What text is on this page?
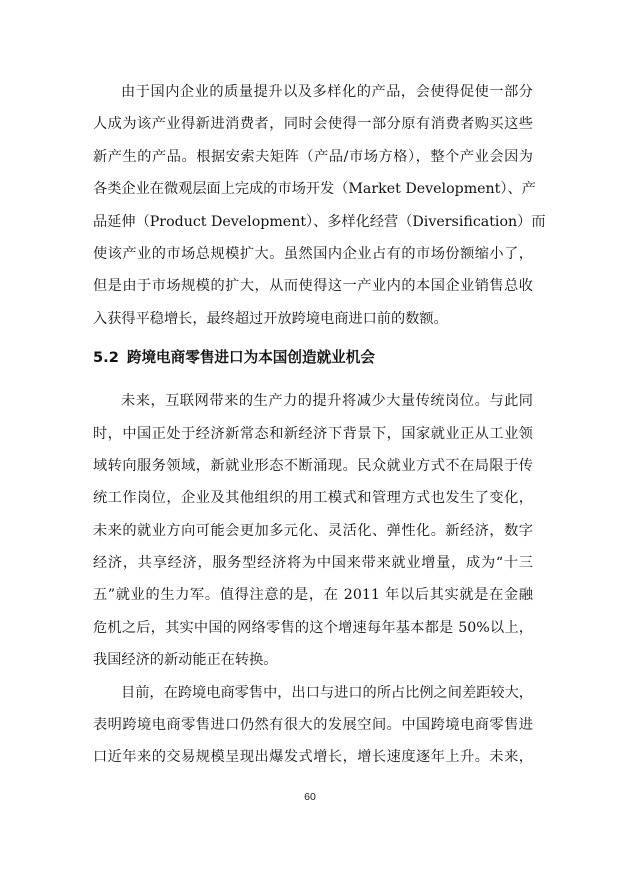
由于国内企业的质量提升以及多样化的产品，会使得促使一部分
人成为该产业得新进消费者，同时会使得一部分原有消费者购买这些
新产生的产品。根据安索夫矩阵（产品/市场方格），整个产业会因为
各类企业在微观层面上完成的市场开发（Market Development）、产
品延伸（Product Development）、多样化经营（Diversification）而
使该产业的市场总规模扩大。虽然国内企业占有的市场份额缩小了，
但是由于市场规模的扩大，从而使得这一产业内的本国企业销售总收
入获得平稳增长，最终超过开放跨境电商进口前的数额。
5.2 跨境电商零售进口为本国创造就业机会
未来，互联网带来的生产力的提升将减少大量传统岗位。与此同
时，中国正处于经济新常态和新经济下背景下，国家就业正从工业领
域转向服务领域，新就业形态不断涌现。民众就业方式不在局限于传
统工作岗位，企业及其他组织的用工模式和管理方式也发生了变化，
未来的就业方向可能会更加多元化、灵活化、弹性化。新经济，数字
经济，共享经济，服务型经济将为中国来带来就业增量，成为“十三
五”就业的生力军。值得注意的是，在 2011 年以后其实就是在金融
危机之后，其实中国的网络零售的这个增速每年基本都是 50%以上，
我国经济的新动能正在转换。
目前，在跨境电商零售中，出口与进口的所占比例之间差距较大，
表明跨境电商零售进口仍然有很大的发展空间。中国跨境电商零售进
口近年来的交易规模呈现出爆发式增长，增长速度逐年上升。未来，
60
